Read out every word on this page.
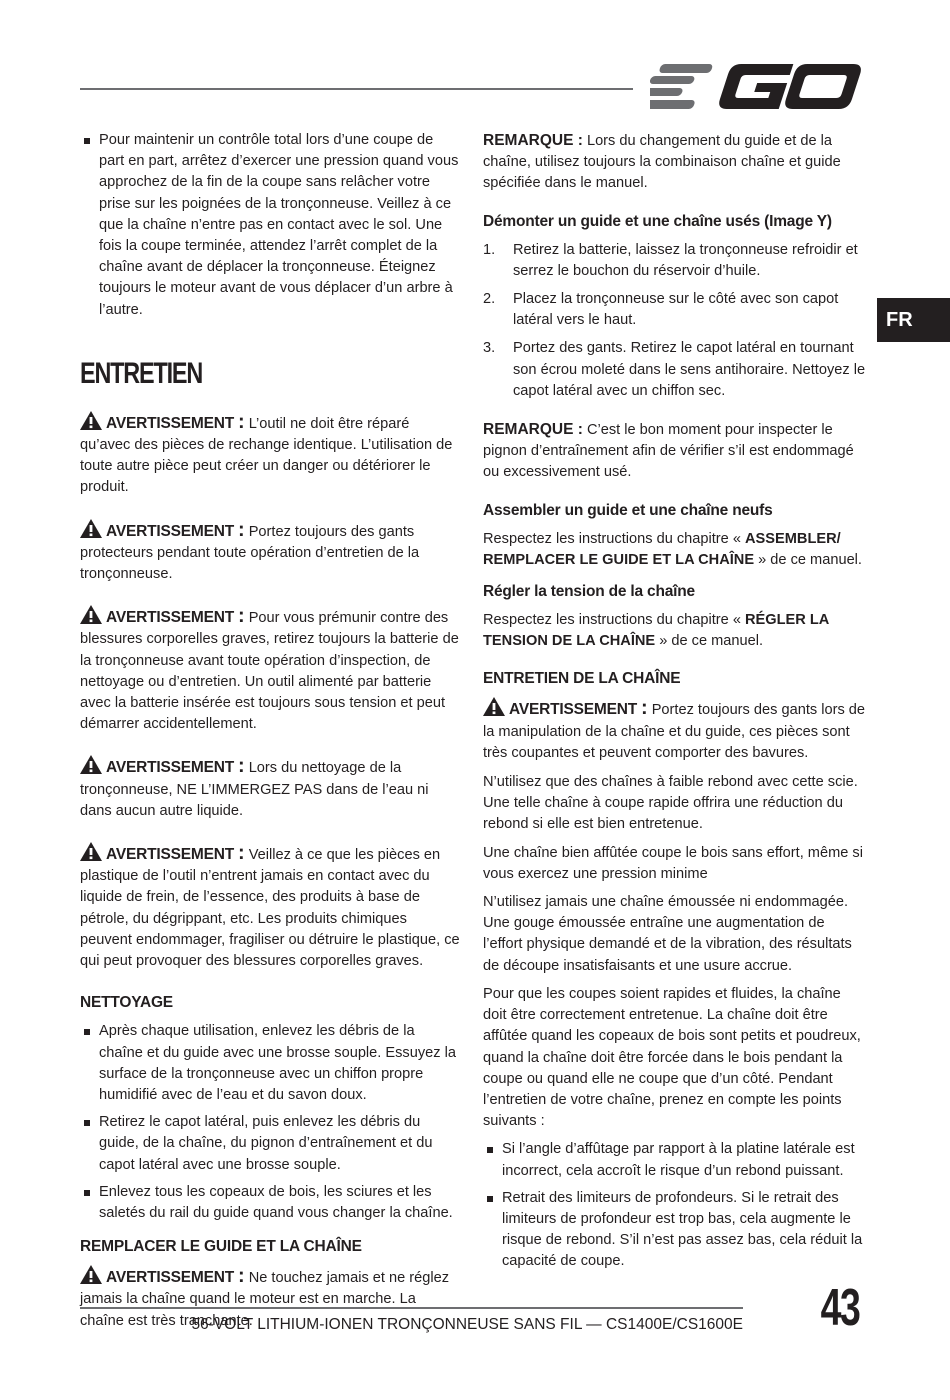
FR
Pour maintenir un contrôle total lors d’une coupe de part en part, arrêtez d’exercer une pression quand vous approchez de la fin de la coupe sans relâcher votre prise sur les poignées de la tronçonneuse. Veillez à ce que la chaîne n’entre pas en contact avec le sol. Une fois la coupe terminée, attendez l’arrêt complet de la chaîne avant de déplacer la tronçonneuse. Éteignez toujours le moteur avant de vous déplacer d’un arbre à l’autre.
ENTRETIEN
AVERTISSEMENT : L’outil ne doit être réparé qu’avec des pièces de rechange identique. L’utilisation de toute autre pièce peut créer un danger ou détériorer le produit.
AVERTISSEMENT : Portez toujours des gants protecteurs pendant toute opération d’entretien de la tronçonneuse.
AVERTISSEMENT : Pour vous prémunir contre des blessures corporelles graves, retirez toujours la batterie de la tronçonneuse avant toute opération d’inspection, de nettoyage ou d’entretien. Un outil alimenté par batterie avec la batterie insérée est toujours sous tension et peut démarrer accidentellement.
AVERTISSEMENT : Lors du nettoyage de la tronçonneuse, NE L’IMMERGEZ PAS dans de l’eau ni dans aucun autre liquide.
AVERTISSEMENT : Veillez à ce que les pièces en plastique de l’outil n’entrent jamais en contact avec du liquide de frein, de l’essence, des produits à base de pétrole, du dégrippant, etc. Les produits chimiques peuvent endommager, fragiliser ou détruire le plastique, ce qui peut provoquer des blessures corporelles graves.
NETTOYAGE
Après chaque utilisation, enlevez les débris de la chaîne et du guide avec une brosse souple. Essuyez la surface de la tronçonneuse avec un chiffon propre humidifié avec de l’eau et du savon doux.
Retirez le capot latéral, puis enlevez les débris du guide, de la chaîne, du pignon d’entraînement et du capot latéral avec une brosse souple.
Enlevez tous les copeaux de bois, les sciures et les saletés du rail du guide quand vous changer la chaîne.
REMPLACER LE GUIDE ET LA CHAÎNE
AVERTISSEMENT : Ne touchez jamais et ne réglez jamais la chaîne quand le moteur est en marche. La chaîne est très tranchante.

REMARQUE : Lors du changement du guide et de la chaîne, utilisez toujours la combinaison chaîne et guide spécifiée dans le manuel.

Démonter un guide et une chaîne usés (Image Y)
1. Retirez la batterie, laissez la tronçonneuse refroidir et serrez le bouchon du réservoir d’huile.
2. Placez la tronçonneuse sur le côté avec son capot latéral vers le haut.
3. Portez des gants. Retirez le capot latéral en tournant son écrou moleté dans le sens antihoraire. Nettoyez le capot latéral avec un chiffon sec.

REMARQUE : C’est le bon moment pour inspecter le pignon d’entraînement afin de vérifier s’il est endommagé ou excessivement usé.

Assembler un guide et une chaîne neufs

Respectez les instructions du chapitre « ASSEMBLER/ REMPLACER LE GUIDE ET LA CHAÎNE » de ce manuel.

Régler la tension de la chaîne

Respectez les instructions du chapitre « RÉGLER LA TENSION DE LA CHAÎNE » de ce manuel.

ENTRETIEN DE LA CHAÎNE
AVERTISSEMENT : Portez toujours des gants lors de la manipulation de la chaîne et du guide, ces pièces sont très coupantes et peuvent comporter des bavures.

N’utilisez que des chaînes à faible rebond avec cette scie. Une telle chaîne à coupe rapide offrira une réduction du rebond si elle est bien entretenue.

Une chaîne bien affûtée coupe le bois sans effort, même si vous exercez une pression minime

N’utilisez jamais une chaîne émoussée ni endommagée. Une gouge émoussée entraîne une augmentation de l’effort physique demandé et de la vibration, des résultats de découpe insatisfaisants et une usure accrue.

Pour que les coupes soient rapides et fluides, la chaîne doit être correctement entretenue. La chaîne doit être affûtée quand les copeaux de bois sont petits et poudreux, quand la chaîne doit être forcée dans le bois pendant la coupe ou quand elle ne coupe que d’un côté. Pendant l’entretien de votre chaîne, prenez en compte les points suivants :

Si l’angle d’affûtage par rapport à la platine latérale est incorrect, cela accroît le risque d’un rebond puissant.
Retrait des limiteurs de profondeurs. Si le retrait des limiteurs de profondeur est trop bas, cela augmente le risque de rebond. S’il n’est pas assez bas, cela réduit la capacité de coupe.
56-VOLT LITHIUM-IONEN TRONÇONNEUSE SANS FIL — CS1400E/CS1600E 43
